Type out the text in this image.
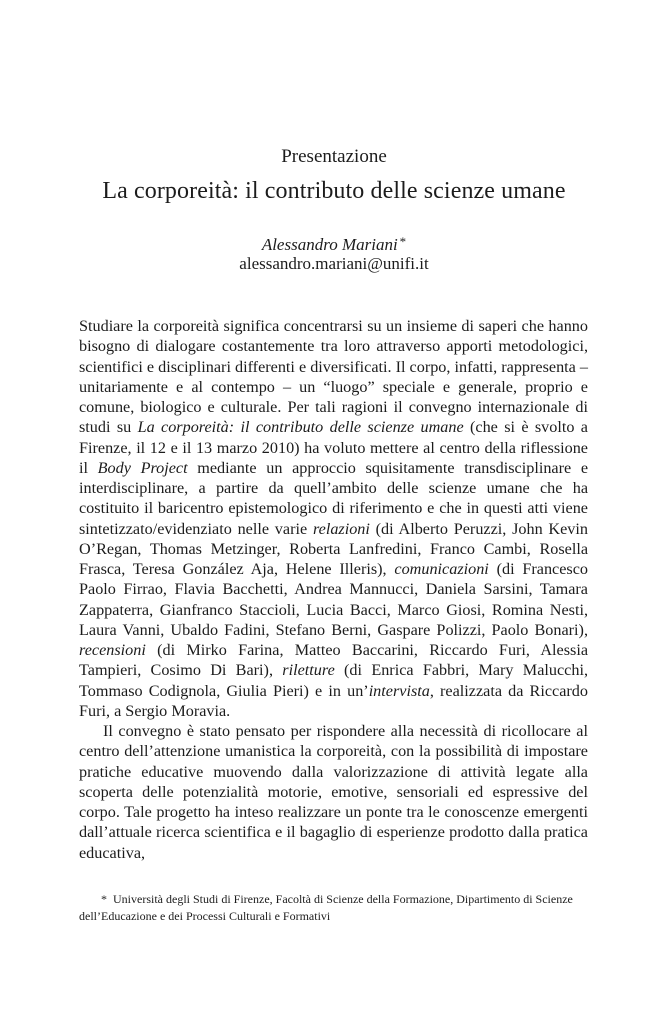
Presentazione
La corporeità: il contributo delle scienze umane
Alessandro Mariani *
alessandro.mariani@unifi.it

Studiare la corporeità significa concentrarsi su un insieme di saperi che hanno bisogno di dialogare costantemente tra loro attraverso apporti metodologici, scientifici e disciplinari differenti e diversificati. Il corpo, infatti, rappresenta – unitariamente e al contempo – un “luogo” speciale e generale, proprio e comune, biologico e culturale. Per tali ragioni il convegno internazionale di studi su La corporeità: il contributo delle scienze umane (che si è svolto a Firenze, il 12 e il 13 marzo 2010) ha voluto mettere al centro della riflessione il Body Project mediante un approccio squisitamente transdisciplinare e interdisciplinare, a partire da quell’ambito delle scienze umane che ha costituito il baricentro epistemologico di riferimento e che in questi atti viene sintetizzato/evidenziato nelle varie relazioni (di Alberto Peruzzi, John Kevin O’Regan, Thomas Metzinger, Roberta Lanfredini, Franco Cambi, Rosella Frasca, Teresa González Aja, Helene Illeris), comunicazioni (di Francesco Paolo Firrao, Flavia Bacchetti, Andrea Mannucci, Daniela Sarsini, Tamara Zappaterra, Gianfranco Staccioli, Lucia Bacci, Marco Giosi, Romina Nesti, Laura Vanni, Ubaldo Fadini, Stefano Berni, Gaspare Polizzi, Paolo Bonari), recensioni (di Mirko Farina, Matteo Baccarini, Riccardo Furi, Alessia Tampieri, Cosimo Di Bari), riletture (di Enrica Fabbri, Mary Malucchi, Tommaso Codignola, Giulia Pieri) e in un’intervista, realizzata da Riccardo Furi, a Sergio Moravia.

Il convegno è stato pensato per rispondere alla necessità di ricollocare al centro dell’attenzione umanistica la corporeità, con la possibilità di impostare pratiche educative muovendo dalla valorizzazione di attività legate alla scoperta delle potenzialità motorie, emotive, sensoriali ed espressive del corpo. Tale progetto ha inteso realizzare un ponte tra le conoscenze emergenti dall’attuale ricerca scientifica e il bagaglio di esperienze prodotto dalla pratica educativa,

* Università degli Studi di Firenze, Facoltà di Scienze della Formazione, Dipartimento di Scienze dell’Educazione e dei Processi Culturali e Formativi
